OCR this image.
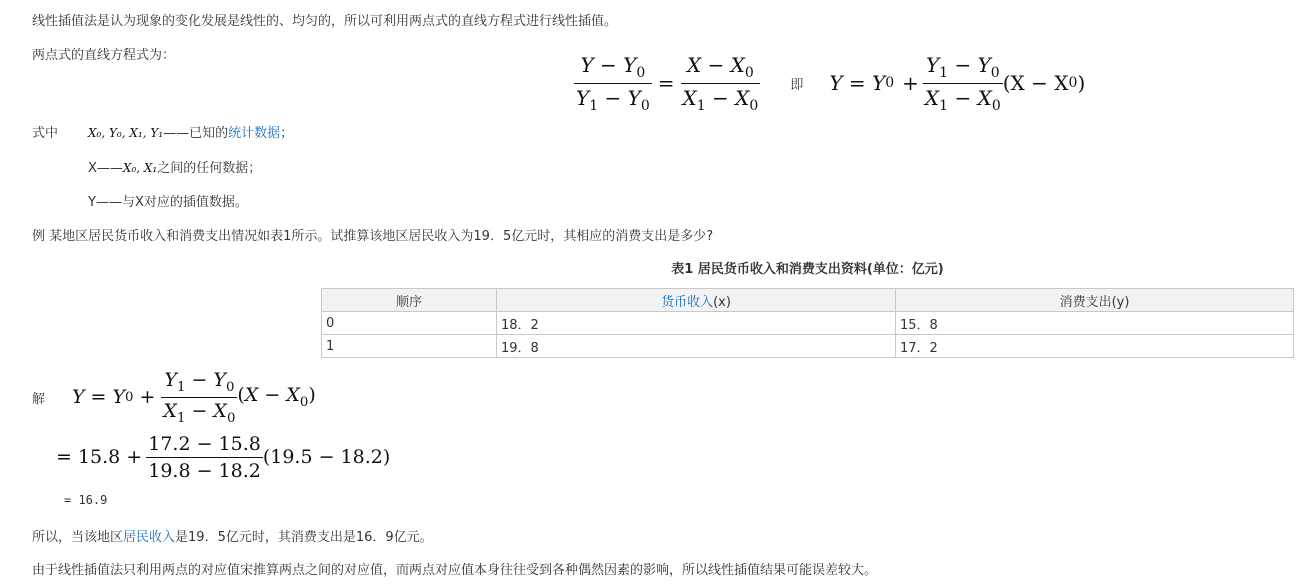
线性插值法是认为现象的变化发展是线性的、均匀的，所以可利用两点式的直线方程式进行线性插值。
两点式的直线方程式为：	$\frac{Y - Y_0}{Y_1 - Y_0} = \frac{X - X_0}{X_1 - X_0}$ 即 Y = Y $0 + \frac{Y_1 - Y_0}{X_1 - X_0} (X - X$ 0 )
式中 X₀, Y₀, X₁, Y₁——已知的统计数据；
X——X₀, X₁之间的任何数据；
Y——与X对应的插值数据。
例 某地区居民货币收入和消费支出情况如表1所示。试推算该地区居民收入为19．5亿元时，其相应的消费支出是多少?
表1 居民货币收入和消费支出资料(单位：亿元)
顺序	货币收入(x)	消费支出(y)
0	18．2	15．8
1	19．8	17．2
解 Y = Y $0 + \frac{Y_1 - Y_0}{X_1 - X_0} (X - X_0)$
= $15.8 + \frac{17.2 - 15.8}{19.8 - 18.2} (19.5 - 18.2)$
= 16.9
所以，当该地区居民收入是19．5亿元时，其消费支出是16．9亿元。
由于线性插值法只利用两点的对应值宋推算两点之间的对应值，而两点对应值本身往往受到各种偶然因素的影响，所以线性插值结果可能误差较大。
